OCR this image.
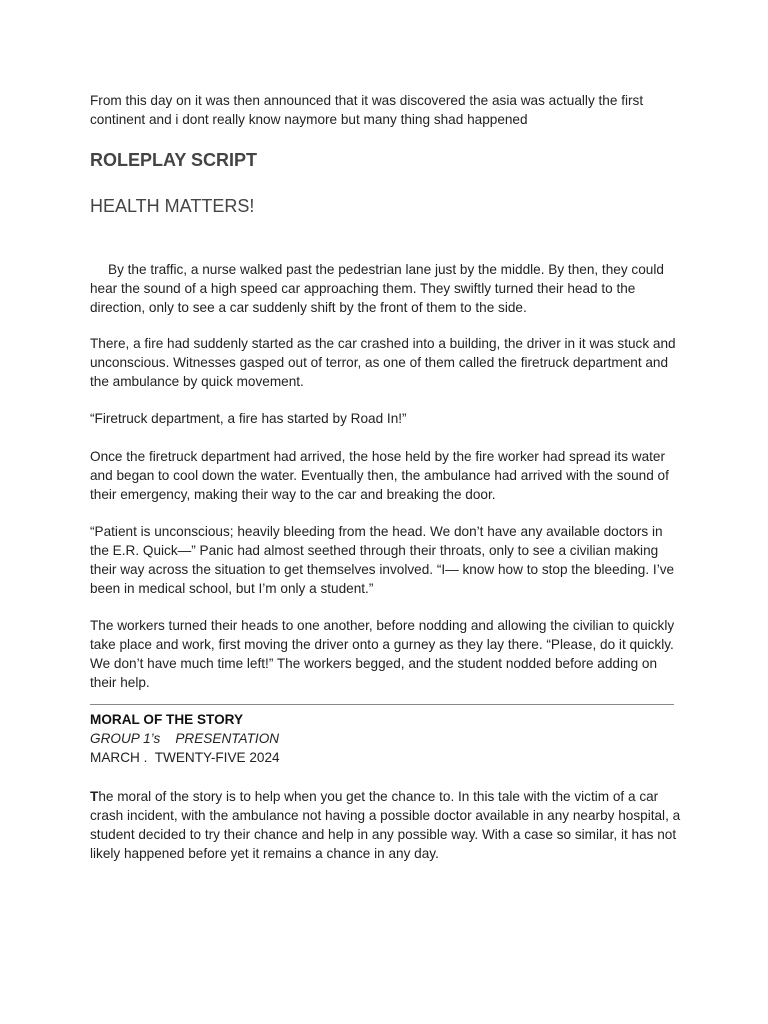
From this day on it was then announced that it was discovered the asia was actually the first continent and i dont really know naymore but many thing shad happened

ROLEPLAY SCRIPT
HEALTH MATTERS!

By the traffic, a nurse walked past the pedestrian lane just by the middle. By then, they could hear the sound of a high speed car approaching them. They swiftly turned their head to the direction, only to see a car suddenly shift by the front of them to the side.

There, a fire had suddenly started as the car crashed into a building, the driver in it was stuck and unconscious. Witnesses gasped out of terror, as one of them called the firetruck department and the ambulance by quick movement.

“Firetruck department, a fire has started by Road In!”

Once the firetruck department had arrived, the hose held by the fire worker had spread its water and began to cool down the water. Eventually then, the ambulance had arrived with the sound of their emergency, making their way to the car and breaking the door.

“Patient is unconscious; heavily bleeding from the head. We don’t have any available doctors in the E.R. Quick—” Panic had almost seethed through their throats, only to see a civilian making their way across the situation to get themselves involved. “I— know how to stop the bleeding. I’ve been in medical school, but I’m only a student.”

The workers turned their heads to one another, before nodding and allowing the civilian to quickly take place and work, first moving the driver onto a gurney as they lay there. “Please, do it quickly. We don’t have much time left!” The workers begged, and the student nodded before adding on their help.

MORAL OF THE STORY

GROUP 1’s    PRESENTATION

MARCH .  TWENTY-FIVE 2024

The moral of the story is to help when you get the chance to. In this tale with the victim of a car crash incident, with the ambulance not having a possible doctor available in any nearby hospital, a student decided to try their chance and help in any possible way. With a case so similar, it has not likely happened before yet it remains a chance in any day.
